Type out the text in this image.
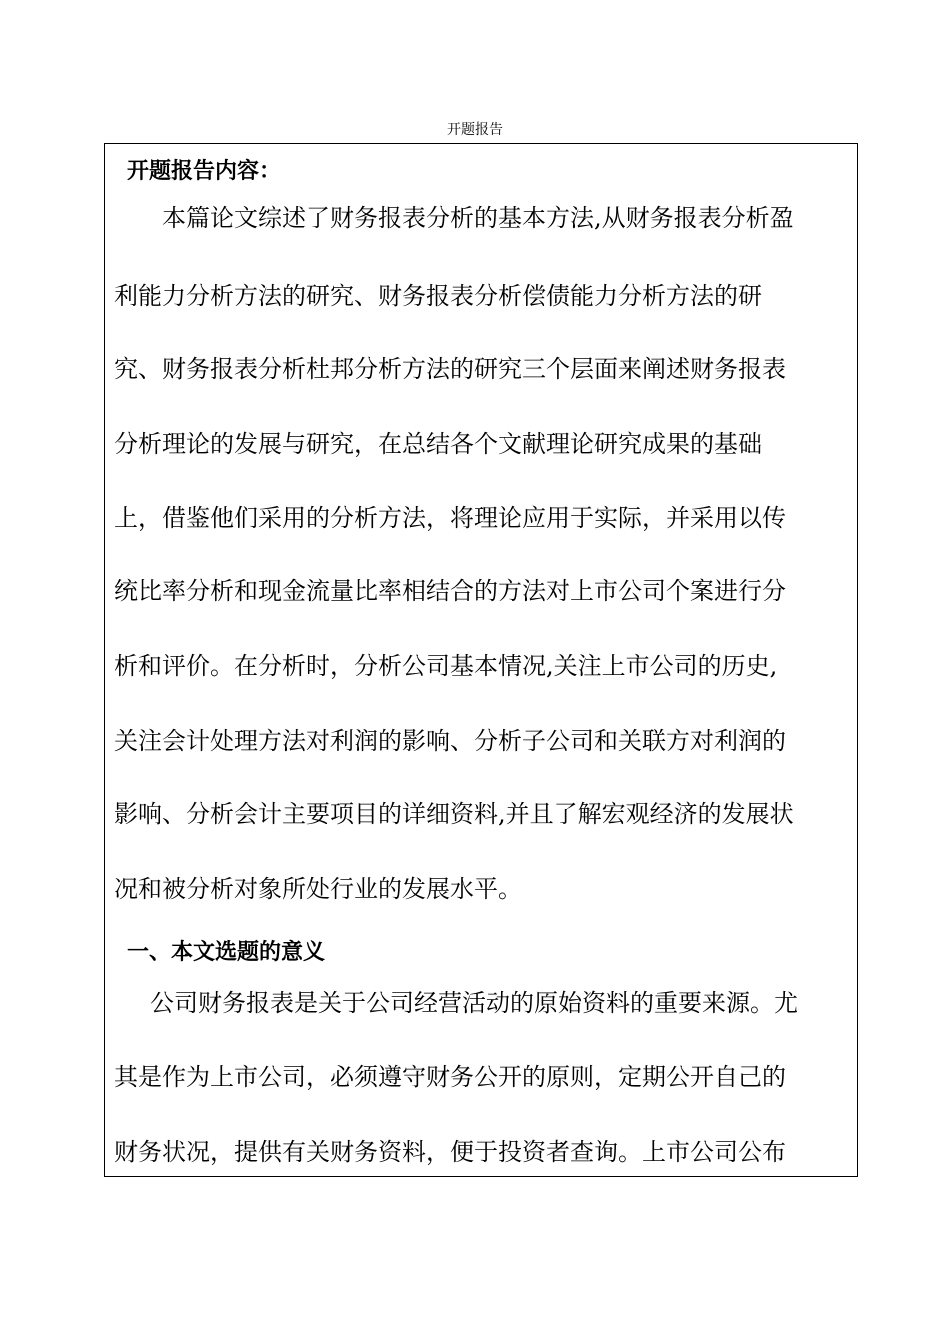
开题报告
开题报告内容：
本篇论文综述了财务报表分析的基本方法,从财务报表分析盈
利能力分析方法的研究、财务报表分析偿债能力分析方法的研
究、财务报表分析杜邦分析方法的研究三个层面来阐述财务报表
分析理论的发展与研究，在总结各个文献理论研究成果的基础
上，借鉴他们采用的分析方法，将理论应用于实际，并采用以传
统比率分析和现金流量比率相结合的方法对上市公司个案进行分
析和评价。在分析时，分析公司基本情况,关注上市公司的历史,
关注会计处理方法对利润的影响、分析子公司和关联方对利润的
影响、分析会计主要项目的详细资料,并且了解宏观经济的发展状
况和被分析对象所处行业的发展水平。
一、本文选题的意义
公司财务报表是关于公司经营活动的原始资料的重要来源。尤
其是作为上市公司，必须遵守财务公开的原则，定期公开自己的
财务状况，提供有关财务资料，便于投资者查询。上市公司公布
